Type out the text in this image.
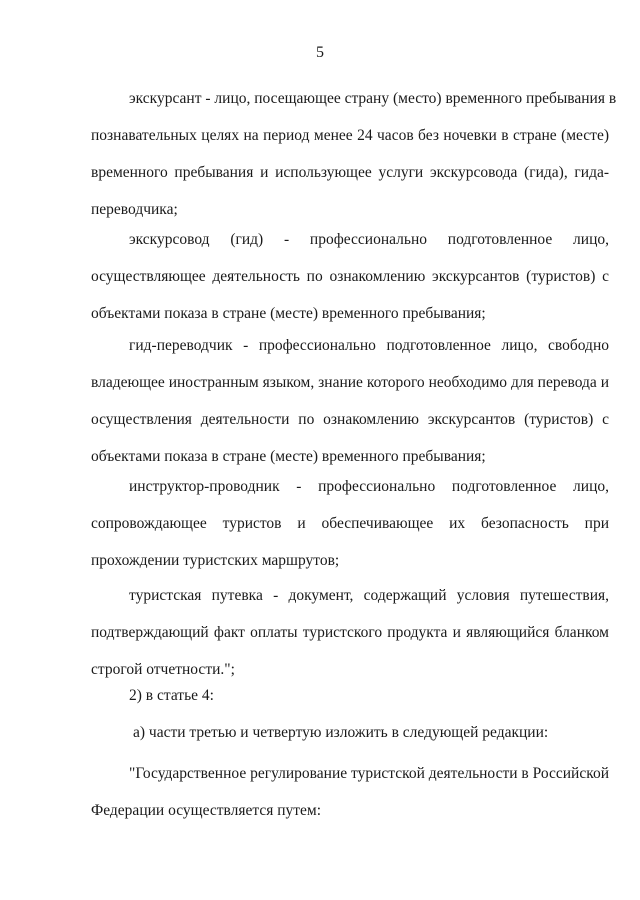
5
экскурсант - лицо, посещающее страну (место) временного пребывания в
познавательных целях на период менее 24 часов без ночевки в стране (месте)
временного пребывания и использующее услуги экскурсовода (гида), гида-
переводчика;
экскурсовод (гид) - профессионально подготовленное лицо,
осуществляющее деятельность по ознакомлению экскурсантов (туристов) с
объектами показа в стране (месте) временного пребывания;
гид-переводчик - профессионально подготовленное лицо, свободно
владеющее иностранным языком, знание которого необходимо для перевода и
осуществления деятельности по ознакомлению экскурсантов (туристов) с
объектами показа в стране (месте) временного пребывания;
инструктор-проводник - профессионально подготовленное лицо,
сопровождающее туристов и обеспечивающее их безопасность при
прохождении туристских маршрутов;
туристская путевка - документ, содержащий условия путешествия,
подтверждающий факт оплаты туристского продукта и являющийся бланком
строгой отчетности.";
2) в статье 4:
а) части третью и четвертую изложить в следующей редакции:
"Государственное регулирование туристской деятельности в Российской
Федерации осуществляется путем:
